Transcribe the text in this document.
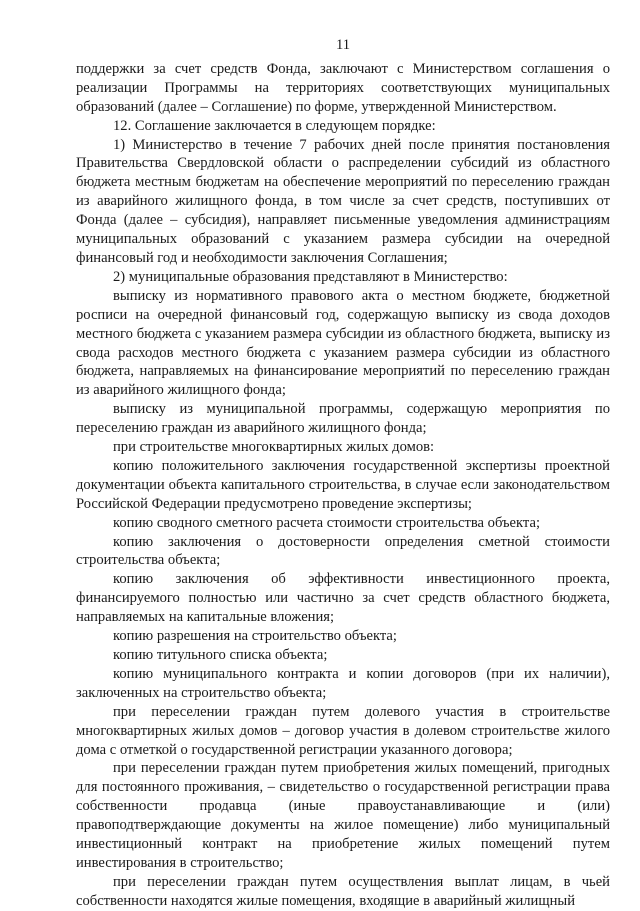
11

поддержки за счет средств Фонда, заключают с Министерством соглашения о реализации Программы на территориях соответствующих муниципальных образований (далее – Соглашение) по форме, утвержденной Министерством.

12. Соглашение заключается в следующем порядке:

1) Министерство в течение 7 рабочих дней после принятия постановления Правительства Свердловской области о распределении субсидий из областного бюджета местным бюджетам на обеспечение мероприятий по переселению граждан из аварийного жилищного фонда, в том числе за счет средств, поступивших от Фонда (далее – субсидия), направляет письменные уведомления администрациям муниципальных образований с указанием размера субсидии на очередной финансовый год и необходимости заключения Соглашения;

2) муниципальные образования представляют в Министерство:

выписку из нормативного правового акта о местном бюджете, бюджетной росписи на очередной финансовый год, содержащую выписку из свода доходов местного бюджета с указанием размера субсидии из областного бюджета, выписку из свода расходов местного бюджета с указанием размера субсидии из областного бюджета, направляемых на финансирование мероприятий по переселению граждан из аварийного жилищного фонда;

выписку из муниципальной программы, содержащую мероприятия по переселению граждан из аварийного жилищного фонда;

при строительстве многоквартирных жилых домов:

копию положительного заключения государственной экспертизы проектной документации объекта капитального строительства, в случае если законодательством Российской Федерации предусмотрено проведение экспертизы;

копию сводного сметного расчета стоимости строительства объекта;

копию заключения о достоверности определения сметной стоимости строительства объекта;

копию заключения об эффективности инвестиционного проекта, финансируемого полностью или частично за счет средств областного бюджета, направляемых на капитальные вложения;

копию разрешения на строительство объекта;

копию титульного списка объекта;

копию муниципального контракта и копии договоров (при их наличии), заключенных на строительство объекта;

при переселении граждан путем долевого участия в строительстве многоквартирных жилых домов – договор участия в долевом строительстве жилого дома с отметкой о государственной регистрации указанного договора;

при переселении граждан путем приобретения жилых помещений, пригодных для постоянного проживания, – свидетельство о государственной регистрации права собственности продавца (иные правоустанавливающие и (или) правоподтверждающие документы на жилое помещение) либо муниципальный инвестиционный контракт на приобретение жилых помещений путем инвестирования в строительство;

при переселении граждан путем осуществления выплат лицам, в чьей собственности находятся жилые помещения, входящие в аварийный жилищный
